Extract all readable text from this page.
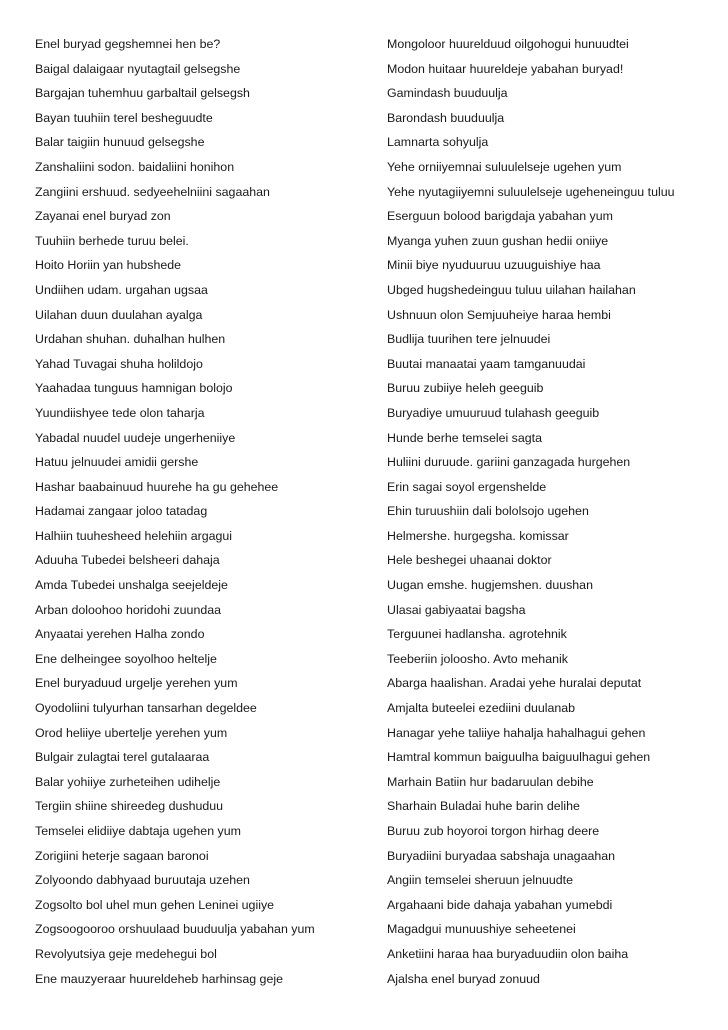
Enel buryad gegshemnei hen be?
Baigal dalaigaar nyutagtail gelsegshe
Bargajan tuhemhuu garbaltail gelsegsh
Bayan tuuhiin terel besheguudte
Balar taigiin hunuud gelsegshe
Zanshaliini sodon. baidaliini honihon
Zangiini ershuud. sedyeehelniini sagaahan
Zayanai enel buryad zon
Tuuhiin berhede turuu belei.
Hoito Horiin yan hubshede
Undiihen udam. urgahan ugsaa
Uilahan duun duulahan ayalga
Urdahan shuhan. duhalhan hulhen
Yahad Tuvagai shuha holildojo
Yaahadaa tunguus hamnigan bolojo
Yuundiishyee tede olon taharja
Yabadal nuudel uudeje ungerheniiye
Hatuu jelnuudei amidii gershe
Hashar baabainuud huurehe ha gu gehehee
Hadamai zangaar joloo tatadag
Halhiin tuuhesheed helehiin argagui
Aduuha Tubedei belsheeri dahaja
Amda Tubedei unshalga seejeldeje
Arban doloohoo horidohi zuundaa
Anyaatai yerehen Halha zondo
Ene delheingee soyolhoo heltelje
Enel buryaduud urgelje yerehen yum
Oyodoliini tulyurhan tansarhan degeldee
Orod heliiye ubertelje yerehen yum
Bulgair zulagtai terel gutalaaraa
Balar yohiiye zurheteihen udihelje
Tergiin shiine shireedeg dushuduu
Temselei elidiiye dabtaja ugehen yum
Zorigiini heterje sagaan baronoi
Zolyoondo dabhyaad buruutaja uzehen
Zogsolto bol uhel mun gehen Leninei ugiiye
Zogsoogooroo orshuulaad buuduulja yabahan yum
Revolyutsiya geje medehegui bol
Ene mauzyeraar huureldeheb harhinsag geje
Mongoloor huurelduud oilgohogui hunuudtei
Modon huitaar huureldeje yabahan buryad!
Gamindash buuduulja
Barondash buuduulja
Lamnarta sohyulja
Yehe orniiyemnai suluulelseje ugehen yum
Yehe nyutagiiyemni suluulelseje ugeheneinguu tuluu
Eserguun bolood barigdaja yabahan yum
Myanga yuhen zuun gushan hedii oniiye
Minii biye nyuduuruu uzuuguishiye haa
Ubged hugshedeinguu tuluu uilahan hailahan
Ushnuun olon Semjuuheiye haraa hembi
Budlija tuurihen tere jelnuudei
Buutai manaatai yaam tamganuudai
Buruu zubiiye heleh geeguib
Buryadiye umuuruud tulahash geeguib
Hunde berhe temselei sagta
Huliini duruude. gariini ganzagada hurgehen
Erin sagai soyol ergenshelde
Ehin turuushiin dali bololsojo ugehen
Helmershe. hurgegsha. komissar
Hele beshegei uhaanai doktor
Uugan emshe. hugjemshen. duushan
Ulasai gabiyaatai bagsha
Terguunei hadlansha. agrotehnik
Teeberiin joloosho. Avto mehanik
Abarga haalishan. Aradai yehe huralai deputat
Amjalta buteelei ezediini duulanab
Hanagar yehe taliiye hahalja hahalhagui gehen
Hamtral kommun baiguulha baiguulhagui gehen
Marhain Batiin hur badaruulan debihe
Sharhain Buladai huhe barin delihe
Buruu zub hoyoroi torgon hirhag deere
Buryadiini buryadaa sabshaja unagaahan
Angiin temselei sheruun jelnuudte
Argahaani bide dahaja yabahan yumebdi
Magadgui munuushiye seheetenei
Anketiini haraa haa buryaduudiin olon baiha
Ajalsha enel buryad zonuud
